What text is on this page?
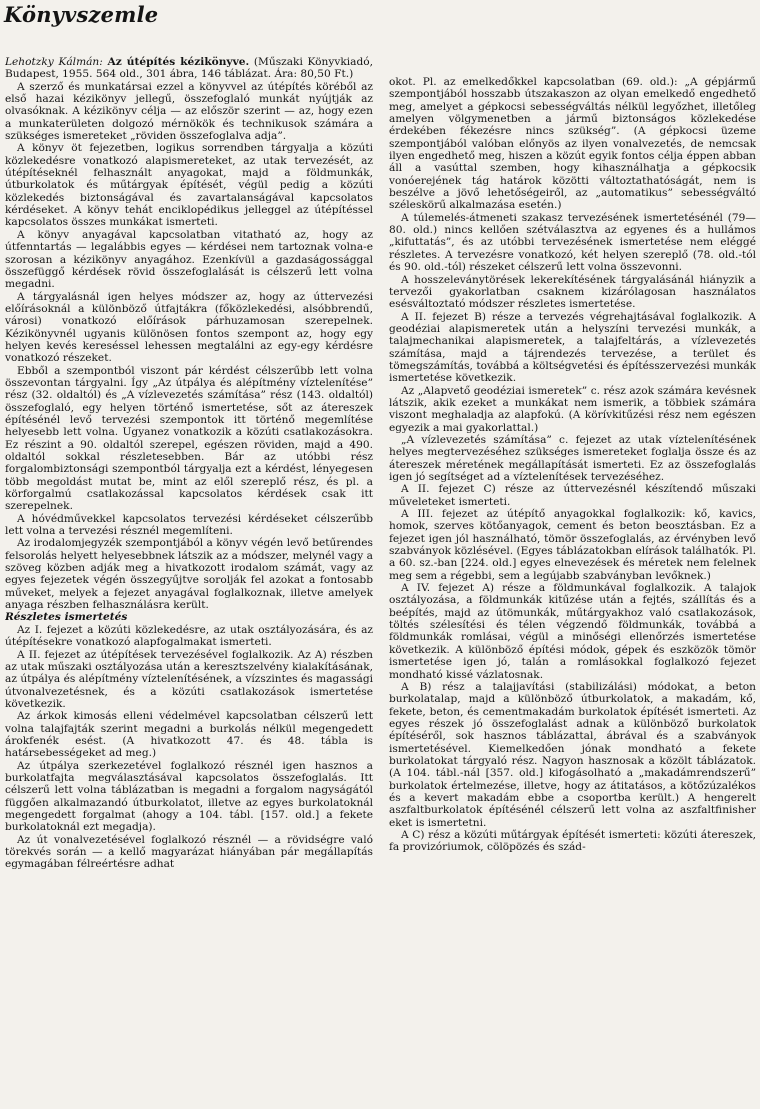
Könyvszemle

Lehotzky Kálmán: Az útépítés kézikönyve. (Műszaki Könyvkiadó, Budapest, 1955. 564 old., 301 ábra, 146 táblázat. Ára: 80,50 Ft.)

A szerző és munkatársai ezzel a könyvvel az útépítés köréből az első hazai kézikönyv jellegű, összefoglaló munkát nyújtják az olvasóknak. A kézikönyv célja — az először szerint — az, hogy ezen a munkaterületen dolgozó mérnökök és technikusok számára a szükséges ismereteket „röviden összefoglalva adja”.

A könyv öt fejezetben, logikus sorrendben tárgyalja a közúti közlekedésre vonatkozó alapismereteket, az utak tervezését, az útépítéseknél felhasznált anyagokat, majd a földmunkák, útburkolatok és műtárgyak építését, végül pedig a közúti közlekedés biztonságával és zavartalanságával kapcsolatos kérdéseket. A könyv tehát enciklopédikus jelleggel az útépítéssel kapcsolatos összes munkákat ismerteti.

A könyv anyagával kapcsolatban vitatható az, hogy az útfenntartás — legalábbis egyes — kérdései nem tartoznak volna-e szorosan a kézikönyv anyagához. Ezenkívül a gazdaságossággal összefüggő kérdések rövid összefoglalását is célszerű lett volna megadni.

A tárgyalásnál igen helyes módszer az, hogy az úttervezési előírásoknál a különböző útfajtákra (főközlekedési, alsóbbrendű, városi) vonatkozó előírások párhuzamosan szerepelnek. Kézikönyvnél ugyanis különösen fontos szempont az, hogy egy helyen kevés kereséssel lehessen megtalálni az egy-egy kérdésre vonatkozó részeket.

Ebből a szempontból viszont pár kérdést célszerűbb lett volna összevontan tárgyalni. Így „Az útpálya és alépítmény víztelenítése” rész (32. oldaltól) és „A vízlevezetés számítása” rész (143. oldaltól) összefoglaló, egy helyen történő ismertetése, sőt az átereszek építésénél levő tervezési szempontok itt történő megemlítése helyesebb lett volna. Ugyanez vonatkozik a közúti csatlakozásokra. Ez részint a 90. oldaltól szerepel, egészen röviden, majd a 490. oldaltól sokkal részletesebben. Bár az utóbbi rész forgalombiztonsági szempontból tárgyalja ezt a kérdést, lényegesen több megoldást mutat be, mint az elől szereplő rész, és pl. a körforgalmú csatlakozással kapcsolatos kérdések csak itt szerepelnek.

A hóvédművekkel kapcsolatos tervezési kérdéseket célszerűbb lett volna a tervezési résznél megemlíteni.

Az irodalomjegyzék szempontjából a könyv végén levő betűrendes felsorolás helyett helyesebbnek látszik az a módszer, melynél vagy a szöveg közben adják meg a hivatkozott irodalom számát, vagy az egyes fejezetek végén összegyűjtve sorolják fel azokat a fontosabb műveket, melyek a fejezet anyagával foglalkoznak, illetve amelyek anyaga részben felhasználásra került.

Részletes ismertetés

Az I. fejezet a közúti közlekedésre, az utak osztályozására, és az útépítésekre vonatkozó alapfogalmakat ismerteti.

A II. fejezet az útépítések tervezésével foglalkozik. Az A) részben az utak műszaki osztályozása után a keresztszelvény kialakításának, az útpálya és alépítmény víztelenítésének, a vízszintes és magassági útvonalvezetésnek, és a közúti csatlakozások ismertetése következik.

Az árkok kimosás elleni védelmével kapcsolatban célszerű lett volna talajfajták szerint megadni a burkolás nélkül megengedett árokfenék esést. (A hivatkozott 47. és 48. tábla is határsebességeket ad meg.)

Az útpálya szerkezetével foglalkozó résznél igen hasznos a burkolatfajta megválasztásával kapcsolatos összefoglalás. Itt célszerű lett volna táblázatban is megadni a forgalom nagyságától függően alkalmazandó útburkolatot, illetve az egyes burkolatoknál megengedett forgalmat (ahogy a 104. tábl. [157. old.] a fekete burkolatoknál ezt megadja).

Az út vonalvezetésével foglalkozó résznél — a rövidségre való törekvés során — a kellő magyarázat hiányában pár megállapítás egymagában félreértésre adhat

okot. Pl. az emelkedőkkel kapcsolatban (69. old.): „A gépjármű szempontjából hosszabb útszakaszon az olyan emelkedő engedhető meg, amelyet a gépkocsi sebességváltás nélkül legyőzhet, illetőleg amelyen völgymenetben a jármű biztonságos közlekedése érdekében fékezésre nincs szükség”. (A gépkocsi üzeme szempontjából valóban előnyös az ilyen vonalvezetés, de nemcsak ilyen engedhető meg, hiszen a közút egyik fontos célja éppen abban áll a vasúttal szemben, hogy kihasználhatja a gépkocsik vonóerejének tág határok közötti változtathatóságát, nem is beszélve a jövő lehetőségeiről, az „automatikus” sebességváltó széleskörű alkalmazása esetén.)

A túlemelés-átmeneti szakasz tervezésének ismertetésénél (79—80. old.) nincs kellően szétválasztva az egyenes és a hullámos „kifuttatás”, és az utóbbi tervezésének ismertetése nem eléggé részletes. A tervezésre vonatkozó, két helyen szereplő (78. old.-tól és 90. old.-tól) részeket célszerű lett volna összevonni.

A hosszeleványtörések lekerekítésének tárgyalásánál hiányzik a tervezői gyakorlatban csaknem kizárólagosan használatos esésváltoztató módszer részletes ismertetése.

A II. fejezet B) része a tervezés végrehajtásával foglalkozik. A geodéziai alapismeretek után a helyszíni tervezési munkák, a talajmechanikai alapismeretek, a talajfeltárás, a vízlevezetés számítása, majd a tájrendezés tervezése, a terület és tömegszámítás, továbbá a költségvetési és építésszervezési munkák ismertetése következik.

Az „Alapvető geodéziai ismeretek” c. rész azok számára kevésnek látszik, akik ezeket a munkákat nem ismerik, a többiek számára viszont meghaladja az alapfokú. (A körívkitűzési rész nem egészen egyezik a mai gyakorlattal.)

„A vízlevezetés számítása” c. fejezet az utak víztelenítésének helyes megtervezéséhez szükséges ismereteket foglalja össze és az átereszek méretének megállapítását ismerteti. Ez az összefoglalás igen jó segítséget ad a víztelenítések tervezéséhez.

A II. fejezet C) része az úttervezésnél készítendő műszaki műveleteket ismerteti.

A III. fejezet az útépítő anyagokkal foglalkozik: kő, kavics, homok, szerves kötőanyagok, cement és beton beosztásban. Ez a fejezet igen jól használható, tömör összefoglalás, az érvényben levő szabványok közlésével. (Egyes táblázatokban elírások találhatók. Pl. a 60. sz.-ban [224. old.] egyes elnevezések és méretek nem felelnek meg sem a régebbi, sem a legújabb szabványban levőknek.)

A IV. fejezet A) része a földmunkával foglalkozik. A talajok osztályozása, a földmunkák kitűzése után a fejtés, szállítás és a beépítés, majd az útömunkák, műtárgyakhoz való csatlakozások, töltés szélesítési és télen végzendő földmunkák, továbbá a földmunkák romlásai, végül a minőségi ellenőrzés ismertetése következik. A különböző építési módok, gépek és eszközök tömör ismertetése igen jó, talán a romlásokkal foglalkozó fejezet mondható kissé vázlatosnak.

A B) rész a talajjavítási (stabilizálási) módokat, a beton burkolatalap, majd a különböző útburkolatok, a makadám, kő, fekete, beton, és cementmakadám burkolatok építését ismerteti. Az egyes részek jó összefoglalást adnak a különböző burkolatok építéséről, sok hasznos táblázattal, ábrával és a szabványok ismertetésével. Kiemelkedően jónak mondható a fekete burkolatokat tárgyaló rész. Nagyon hasznosak a közölt táblázatok. (A 104. tábl.-nál [357. old.] kifogásolható a „makadámrendszerű” burkolatok értelmezése, illetve, hogy az átitatásos, a kötőzúzalékos és a kevert makadám ebbe a csoportba került.) A hengerelt aszfaltburkolatok építésénél célszerű lett volna az aszfaltfinisher eket is ismertetni.

A C) rész a közúti műtárgyak építését ismerteti: közúti átereszek, fa provizóriumok, cölöpözés és szád-
